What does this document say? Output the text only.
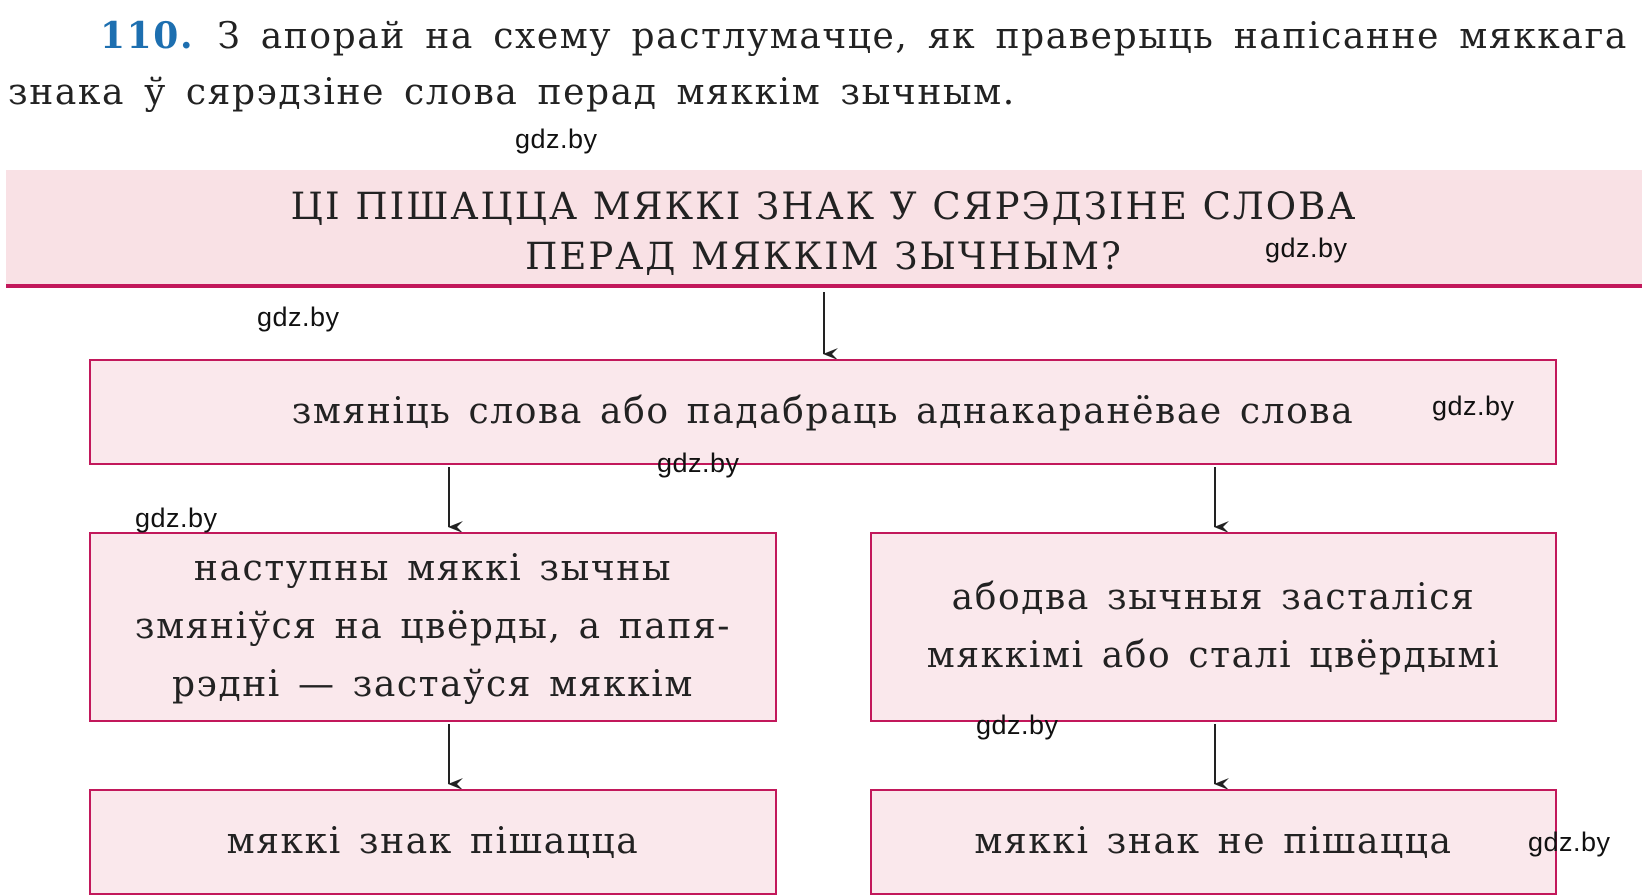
110. З апорай на схему растлумачце, як праверыць напісанне мяккага знака ў сярэдзіне слова перад мяккім зычным.

ЦІ ПІШАЦЦА МЯККІ ЗНАК У СЯРЭДЗІНЕ СЛОВА
ПЕРАД МЯККІМ ЗЫЧНЫМ?
змяніць слова або падабраць аднакаранёвае слова
наступны мяккі зычны
змяніўся на цвёрды, а папя-
рэдні — застаўся мяккім
абодва зычныя засталіся
мяккімі або сталі цвёрдымі
мяккі знак пішацца	мяккі знак не пішацца
gdz.by
gdz.by
gdz.by
gdz.by
gdz.by
gdz.by
gdz.by
gdz.by
